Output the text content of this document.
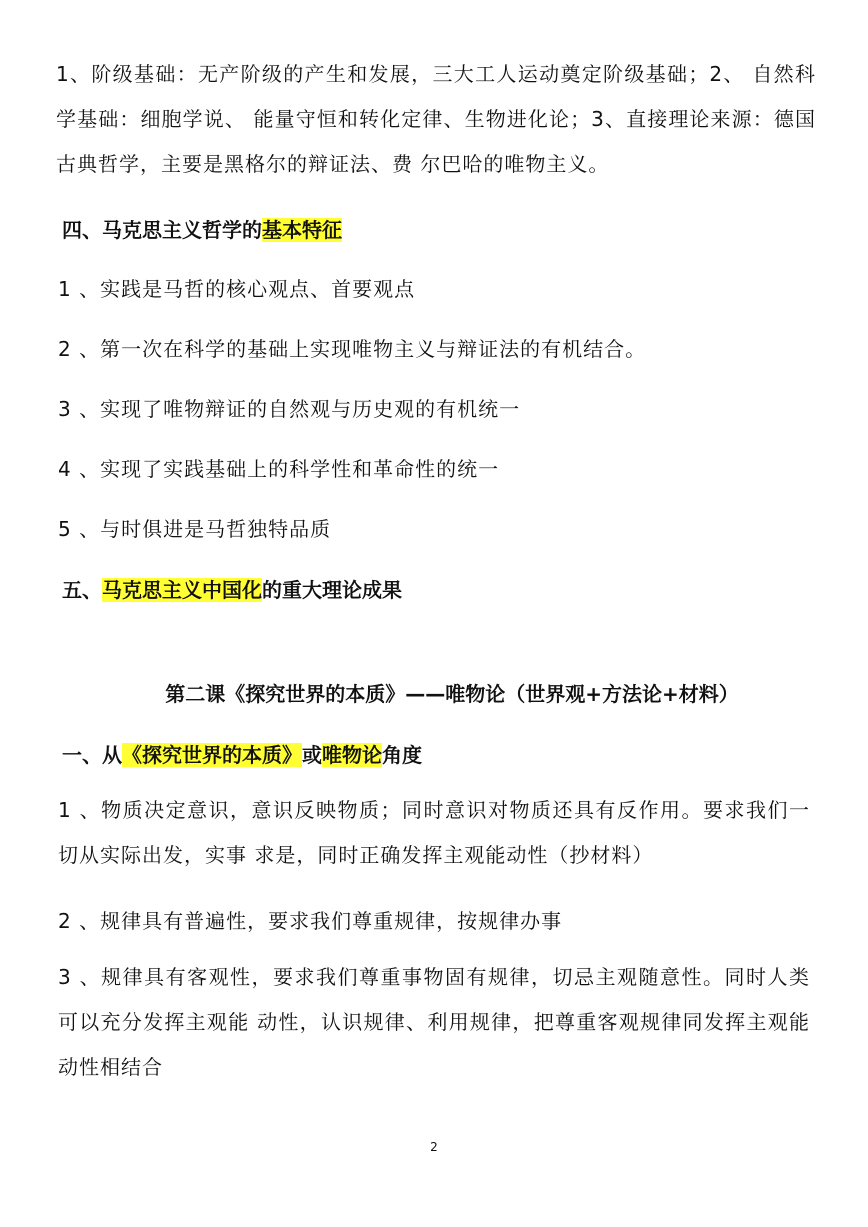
1、阶级基础：无产阶级的产生和发展，三大工人运动奠定阶级基础；2、 自然科学基础：细胞学说、 能量守恒和转化定律、生物进化论；3、直接理论来源：德国古典哲学，主要是黑格尔的辩证法、费 尔巴哈的唯物主义。

四、马克思主义哲学的基本特征

1 、实践是马哲的核心观点、首要观点

2 、第一次在科学的基础上实现唯物主义与辩证法的有机结合。

3 、实现了唯物辩证的自然观与历史观的有机统一

4 、实现了实践基础上的科学性和革命性的统一

5 、与时俱进是马哲独特品质

五、马克思主义中国化的重大理论成果

第二课《探究世界的本质》——唯物论（世界观+方法论+材料）

一、从《探究世界的本质》或唯物论角度

1 、物质决定意识，意识反映物质；同时意识对物质还具有反作用。要求我们一切从实际出发，实事 求是，同时正确发挥主观能动性（抄材料）

2 、规律具有普遍性，要求我们尊重规律，按规律办事

3 、规律具有客观性，要求我们尊重事物固有规律，切忌主观随意性。同时人类可以充分发挥主观能 动性，认识规律、利用规律，把尊重客观规律同发挥主观能动性相结合

2
